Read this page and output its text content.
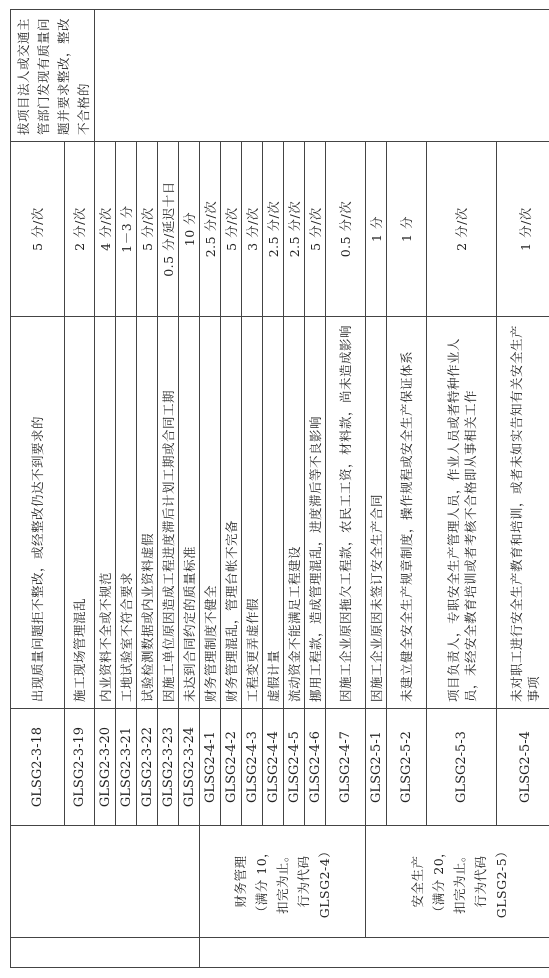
		GLSG2-3-18	出现质量问题拒不整改，或经整改仍达不到要求的	5 分/次	拔项目法人或交通主管部门发现有质量问题并要求整改，整改不合格的
		GLSG2-3-19	施工现场管理混乱	2 分/次	
		GLSG2-3-20	内业资料不全或不规范	4 分/次	
		GLSG2-3-21	工地试验室不符合要求	1－3 分	
		GLSG2-3-22	试验检测数据或内业资料虚假	5 分/次	
		GLSG2-3-23	因施工单位原因造成工程进度滞后计划工期或合同工期	0.5 分/延迟十日	
		GLSG2-3-24	未达到合同约定的质量标准	10 分	

	财务管理
（满分 10，
扣完为止。
行为代码
GLSG2-4）	GLSG2-4-1	财务管理制度不健全	2.5 分/次	
		GLSG2-4-2	财务管理混乱，管理台帐不完备	5 分/次	
		GLSG2-4-3	工程变更弄虚作假	3 分/次	
		GLSG2-4-4	虚假计量	2.5 分/次	
		GLSG2-4-5	流动资金不能满足工程建设	2.5 分/次	
		GLSG2-4-6	挪用工程款，造成管理混乱，进度滞后等不良影响	5 分/次	
		GLSG2-4-7	因施工企业原因拖欠工程款，农民工工资，材料款，尚未造成影响	0.5 分/次	

	安全生产
（满分 20，
扣完为止。
行为代码
GLSG2-5）	GLSG2-5-1	因施工企业原因未签订安全生产合同	1 分	
		GLSG2-5-2	未建立健全安全生产规章制度，操作规程或安全生产保证体系	1 分	
		GLSG2-5-3	项目负责人，专职安全生产管理人员，作业人员或者特种作业人员，未经安全教育培训或者考核不合格即从事相关工作	2 分/次	
		GLSG2-5-4	未对职工进行安全生产教育和培训，或者未如实告知有关安全生产事项	1 分/次	
